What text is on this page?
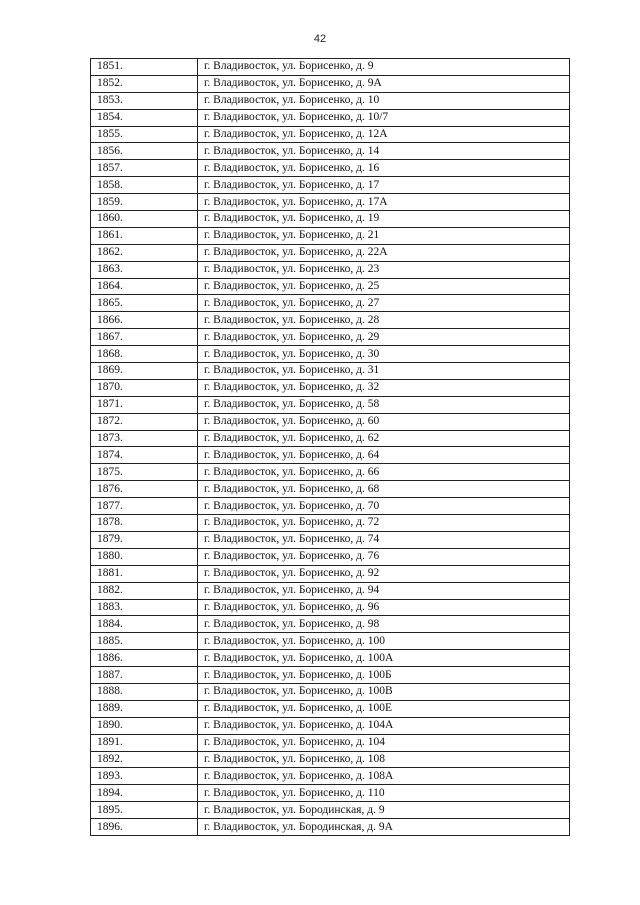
42
1851.	г. Владивосток, ул. Борисенко, д. 9
1852.	г. Владивосток, ул. Борисенко, д. 9А
1853.	г. Владивосток, ул. Борисенко, д. 10
1854.	г. Владивосток, ул. Борисенко, д. 10/7
1855.	г. Владивосток, ул. Борисенко, д. 12А
1856.	г. Владивосток, ул. Борисенко, д. 14
1857.	г. Владивосток, ул. Борисенко, д. 16
1858.	г. Владивосток, ул. Борисенко, д. 17
1859.	г. Владивосток, ул. Борисенко, д. 17А
1860.	г. Владивосток, ул. Борисенко, д. 19
1861.	г. Владивосток, ул. Борисенко, д. 21
1862.	г. Владивосток, ул. Борисенко, д. 22А
1863.	г. Владивосток, ул. Борисенко, д. 23
1864.	г. Владивосток, ул. Борисенко, д. 25
1865.	г. Владивосток, ул. Борисенко, д. 27
1866.	г. Владивосток, ул. Борисенко, д. 28
1867.	г. Владивосток, ул. Борисенко, д. 29
1868.	г. Владивосток, ул. Борисенко, д. 30
1869.	г. Владивосток, ул. Борисенко, д. 31
1870.	г. Владивосток, ул. Борисенко, д. 32
1871.	г. Владивосток, ул. Борисенко, д. 58
1872.	г. Владивосток, ул. Борисенко, д. 60
1873.	г. Владивосток, ул. Борисенко, д. 62
1874.	г. Владивосток, ул. Борисенко, д. 64
1875.	г. Владивосток, ул. Борисенко, д. 66
1876.	г. Владивосток, ул. Борисенко, д. 68
1877.	г. Владивосток, ул. Борисенко, д. 70
1878.	г. Владивосток, ул. Борисенко, д. 72
1879.	г. Владивосток, ул. Борисенко, д. 74
1880.	г. Владивосток, ул. Борисенко, д. 76
1881.	г. Владивосток, ул. Борисенко, д. 92
1882.	г. Владивосток, ул. Борисенко, д. 94
1883.	г. Владивосток, ул. Борисенко, д. 96
1884.	г. Владивосток, ул. Борисенко, д. 98
1885.	г. Владивосток, ул. Борисенко, д. 100
1886.	г. Владивосток, ул. Борисенко, д. 100А
1887.	г. Владивосток, ул. Борисенко, д. 100Б
1888.	г. Владивосток, ул. Борисенко, д. 100В
1889.	г. Владивосток, ул. Борисенко, д. 100Е
1890.	г. Владивосток, ул. Борисенко, д. 104А
1891.	г. Владивосток, ул. Борисенко, д. 104
1892.	г. Владивосток, ул. Борисенко, д. 108
1893.	г. Владивосток, ул. Борисенко, д. 108А
1894.	г. Владивосток, ул. Борисенко, д. 110
1895.	г. Владивосток, ул. Бородинская, д. 9
1896.	г. Владивосток, ул. Бородинская, д. 9А
